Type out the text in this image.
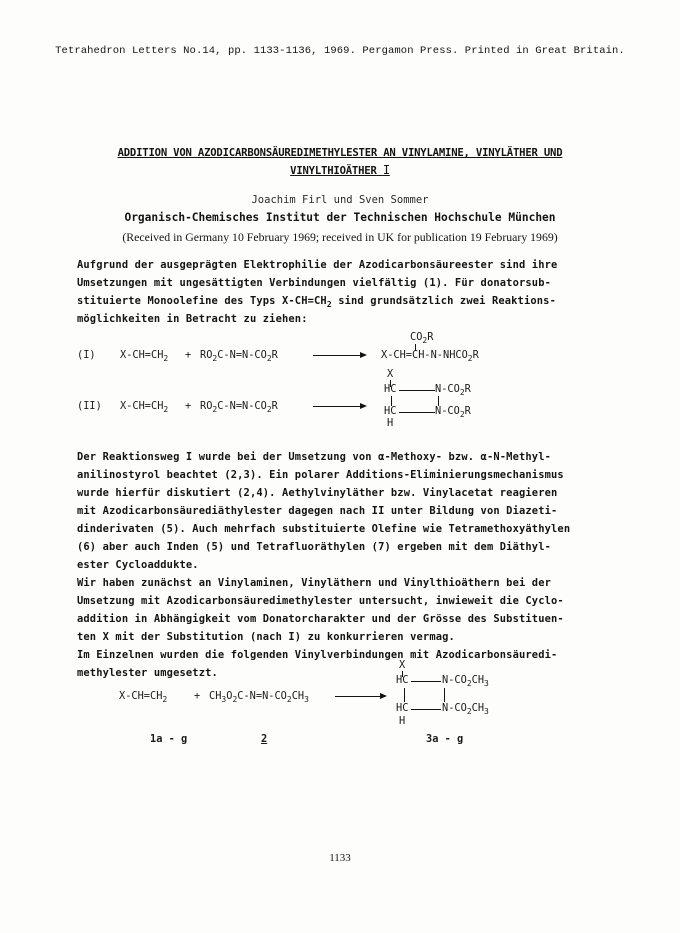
Tetrahedron Letters No.14, pp. 1133-1136, 1969. Pergamon Press. Printed in Great Britain.
ADDITION VON AZODICARBONSÄUREDIMETHYLESTER AN VINYLAMINE, VINYLÄTHER UND
VINYLTHIOÄTHER I
Joachim Firl und Sven Sommer
Organisch-Chemisches Institut der Technischen Hochschule München
(Received in Germany 10 February 1969; received in UK for publication 19 February 1969)
Aufgrund der ausgeprägten Elektrophilie der Azodicarbonsäureester sind ihre
Umsetzungen mit ungesättigten Verbindungen vielfältig (1). Für donatorsub-
stituierte Monoolefine des Typs $X-CH=CH_2$ sind grundsätzlich zwei Reaktions-
möglichkeiten in Betracht zu ziehen:
$CO_2R$
(I) $X-CH=CH_2 + RO_2C-N=N-CO_2R$	$X-CH=CH-N-NHCO_2R$
X
HC	$N-CO_2R$
(II) $X-CH=CH_2 + RO_2C-N=N-CO_2R$	HC	$N-CO_2R$
H
Der Reaktionsweg I wurde bei der Umsetzung von α-Methoxy- bzw. α-N-Methyl-
anilinostyrol beachtet (2,3). Ein polarer Additions-Eliminierungsmechanismus
wurde hierfür diskutiert (2,4). Aethylvinyläther bzw. Vinylacetat reagieren
mit Azodicarbonsäurediäthylester dagegen nach II unter Bildung von Diazeti-
dinderivaten (5). Auch mehrfach substituierte Olefine wie Tetramethoxyäthylen
(6) aber auch Inden (5) und Tetrafluoräthylen (7) ergeben mit dem Diäthyl-
ester Cycloaddukte.
Wir haben zunächst an Vinylaminen, Vinyläthern und Vinylthioäthern bei der
Umsetzung mit Azodicarbonsäuredimethylester untersucht, inwieweit die Cyclo-
addition in Abhängigkeit vom Donatorcharakter und der Grösse des Substituen-
ten X mit der Substitution (nach I) zu konkurrieren vermag.
Im Einzelnen wurden die folgenden Vinylverbindungen mit Azodicarbonsäuredi-
methylester umgesetzt.
X
HC	$N-CO_2CH_3$
$X-CH=CH_2$	+ $CH_3O_2C-N=N-CO_2CH_3$
HC	$N-CO_2CH_3$
H
1a - g	2	3a - g
1133
